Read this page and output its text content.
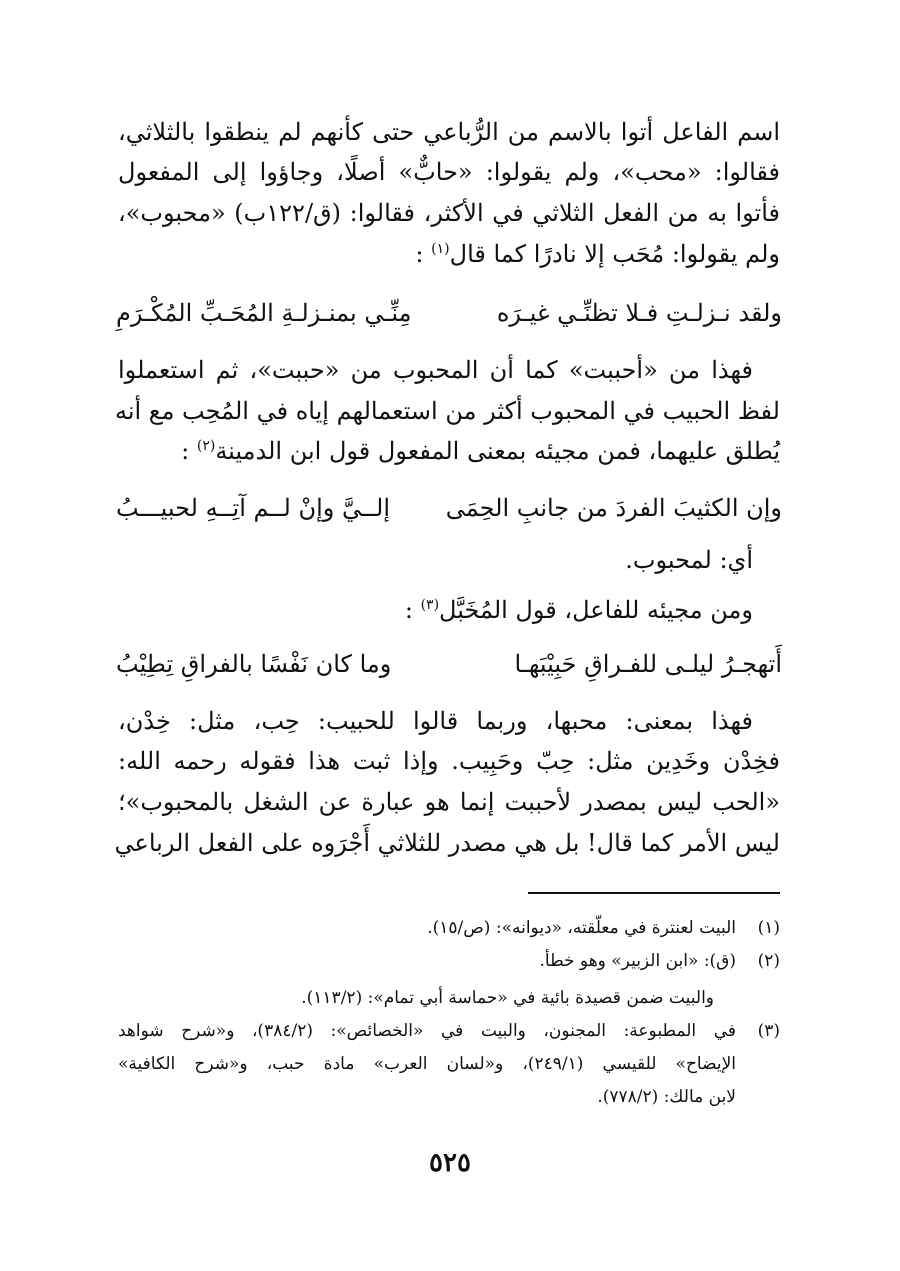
اسم الفاعل أتوا بالاسم من الرُّباعي حتى كأنهم لم ينطقوا بالثلاثي،
فقالوا: «محب»، ولم يقولوا: «حابٌّ» أصلًا، وجاؤوا إلى المفعول
فأتوا به من الفعل الثلاثي في الأكثر، فقالوا: (ق/١٢٢ب) «محبوب»،
ولم يقولوا: مُحَب إلا نادرًا كما قال$^{(١)}$ :
ولقد نـزلـتِ فـلا تظنِّـي غيـرَه
مِنِّـي بمنـزلـةِ المُحَـبِّ المُكْـرَمِ
فهذا من «أحببت» كما أن المحبوب من «حببت»، ثم استعملوا
لفظ الحبيب في المحبوب أكثر من استعمالهم إياه في المُحِب مع أنه
يُطلق عليهما، فمن مجيئه بمعنى المفعول قول ابن الدمينة$^{(٢)}$ :
وإن الكثيبَ الفردَ من جانبِ الحِمَى
إلــيَّ وإنْ لــم آتِــهِ لحبيـــبُ
أي: لمحبوب.
ومن مجيئه للفاعل، قول المُخَبَّل$^{(٣)}$ :
أَتهجـرُ ليلـى للفـراقِ حَبِيْبَهـا
وما كان نَفْسًا بالفراقِ تِطِيْبُ
فهذا بمعنى: محبها، وربما قالوا للحبيب: حِب، مثل: خِدْن،
فخِدْن وخَدِين مثل: حِبّ وحَبِيب. وإذا ثبت هذا فقوله رحمه الله:
«الحب ليس بمصدر لأحببت إنما هو عبارة عن الشغل بالمحبوب»؛
ليس الأمر كما قال! بل هي مصدر للثلاثي أَجْرَوه على الفعل الرباعي
(١)
البيت لعنترة في معلّقته، «ديوانه»: (ص/١٥).
(٢)
(ق): «ابن الزبير» وهو خطأ.
والبيت ضمن قصيدة بائية في «حماسة أبي تمام»: (١١٣/٢).
(٣)
في المطبوعة: المجنون، والبيت في «الخصائص»: (٣٨٤/٢)، و«شرح شواهد
الإيضاح» للقيسي (٢٤٩/١)، و«لسان العرب» مادة حبب، و«شرح الكافية»
لابن مالك: (٧٧٨/٢).
٥٢٥
